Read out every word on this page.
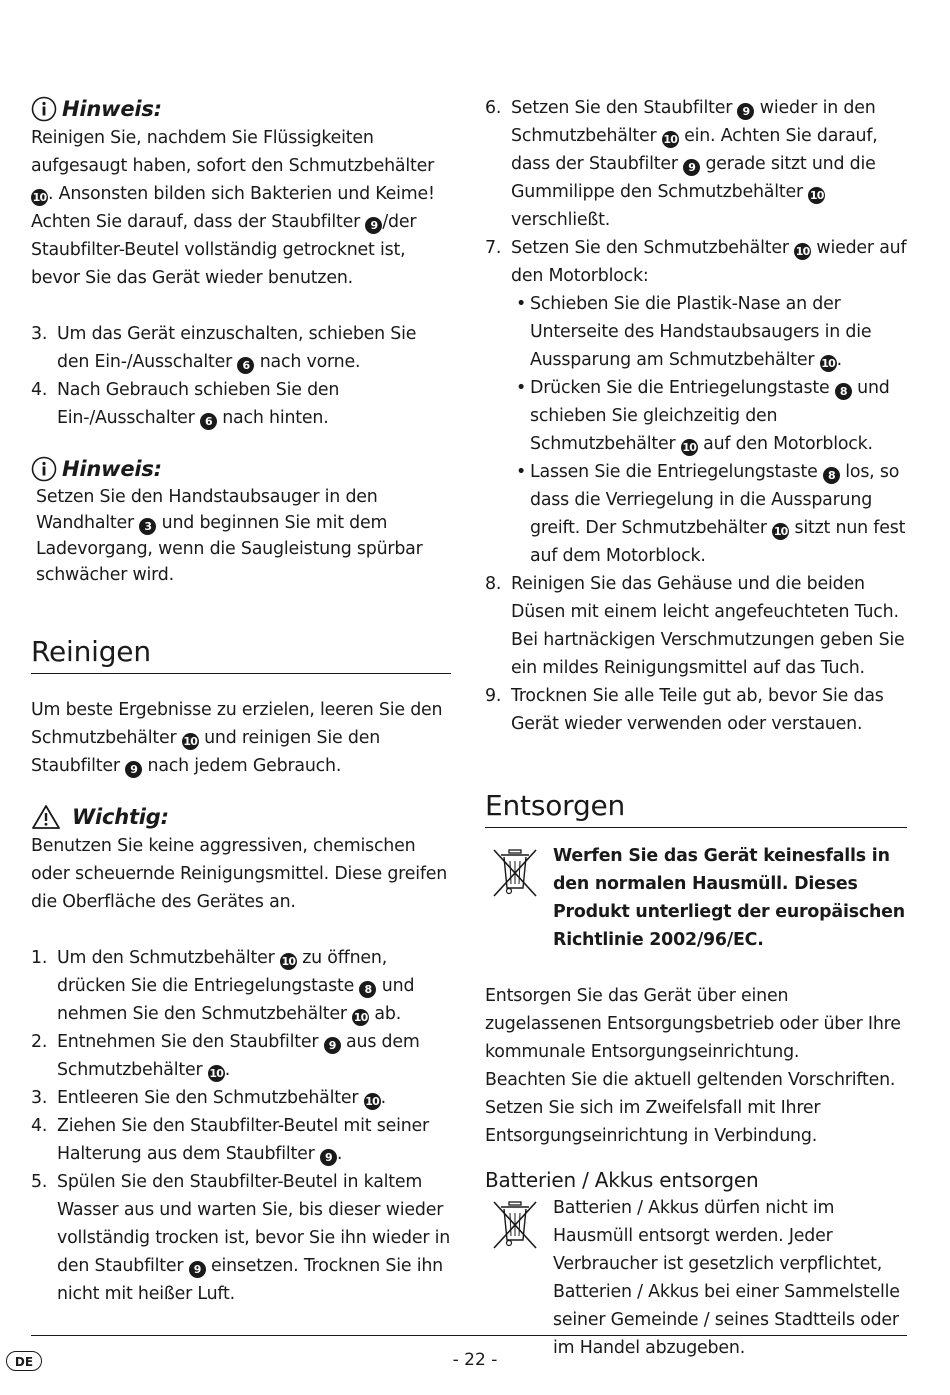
Hinweis:

Reinigen Sie, nachdem Sie Flüssigkeiten aufgesaugt haben, sofort den Schmutzbehälter 10. Ansonsten bilden sich Bakterien und Keime! Achten Sie darauf, dass der Staubfilter 9 /der Staubfilter-Beutel vollständig getrocknet ist, bevor Sie das Gerät wieder benutzen.

3. Um das Gerät einzuschalten, schieben Sie den Ein-/Ausschalter 6 nach vorne.
4. Nach Gebrauch schieben Sie den Ein-/Ausschalter 6 nach hinten.
Hinweis:

Setzen Sie den Handstaubsauger in den Wandhalter 3 und beginnen Sie mit dem Ladevorgang, wenn die Saugleistung spürbar schwächer wird.

Reinigen

Um beste Ergebnisse zu erzielen, leeren Sie den Schmutzbehälter 10 und reinigen Sie den Staubfilter 9 nach jedem Gebrauch.

Wichtig:

Benutzen Sie keine aggressiven, chemischen oder scheuernde Reinigungsmittel. Diese greifen die Oberfläche des Gerätes an.

1. Um den Schmutzbehälter 10 zu öffnen, drücken Sie die Entriegelungstaste 8 und nehmen Sie den Schmutzbehälter 10 ab.
2. Entnehmen Sie den Staubfilter 9 aus dem Schmutzbehälter 10.
3. Entleeren Sie den Schmutzbehälter 10.
4. Ziehen Sie den Staubfilter-Beutel mit seiner Halterung aus dem Staubfilter 9 .
5. Spülen Sie den Staubfilter-Beutel in kaltem Wasser aus und warten Sie, bis dieser wieder vollständig trocken ist, bevor Sie ihn wieder in den Staubfilter 9 einsetzen. Trocknen Sie ihn nicht mit heißer Luft.
6. Setzen Sie den Staubfilter 9 wieder in den Schmutzbehälter 10 ein. Achten Sie darauf, dass der Staubfilter 9 gerade sitzt und die Gummilippe den Schmutzbehälter 10 verschließt.
7. Setzen Sie den Schmutzbehälter 10 wieder auf den Motorblock:
• Schieben Sie die Plastik-Nase an der Unterseite des Handstaubsaugers in die Aussparung am Schmutzbehälter 10.
• Drücken Sie die Entriegelungstaste 8 und schieben Sie gleichzeitig den Schmutzbehälter 10 auf den Motorblock.
• Lassen Sie die Entriegelungstaste 8 los, so dass die Verriegelung in die Aussparung greift. Der Schmutzbehälter 10 sitzt nun fest auf dem Motorblock.
8. Reinigen Sie das Gehäuse und die beiden Düsen mit einem leicht angefeuchteten Tuch. Bei hartnäckigen Verschmutzungen geben Sie ein mildes Reinigungsmittel auf das Tuch.
9. Trocknen Sie alle Teile gut ab, bevor Sie das Gerät wieder verwenden oder verstauen.
Entsorgen

Werfen Sie das Gerät keinesfalls in den normalen Hausmüll. Dieses Produkt unterliegt der europäischen Richtlinie 2002/96/EC.

Entsorgen Sie das Gerät über einen zugelassenen Entsorgungsbetrieb oder über Ihre kommunale Entsorgungseinrichtung.

Beachten Sie die aktuell geltenden Vorschriften. Setzen Sie sich im Zweifelsfall mit Ihrer Entsorgungseinrichtung in Verbindung.

Batterien / Akkus entsorgen

Batterien / Akkus dürfen nicht im Hausmüll entsorgt werden. Jeder Verbraucher ist gesetzlich verpflichtet, Batterien / Akkus bei einer Sammelstelle seiner Gemeinde / seines Stadtteils oder im Handel abzugeben.

DE	- 22 -
